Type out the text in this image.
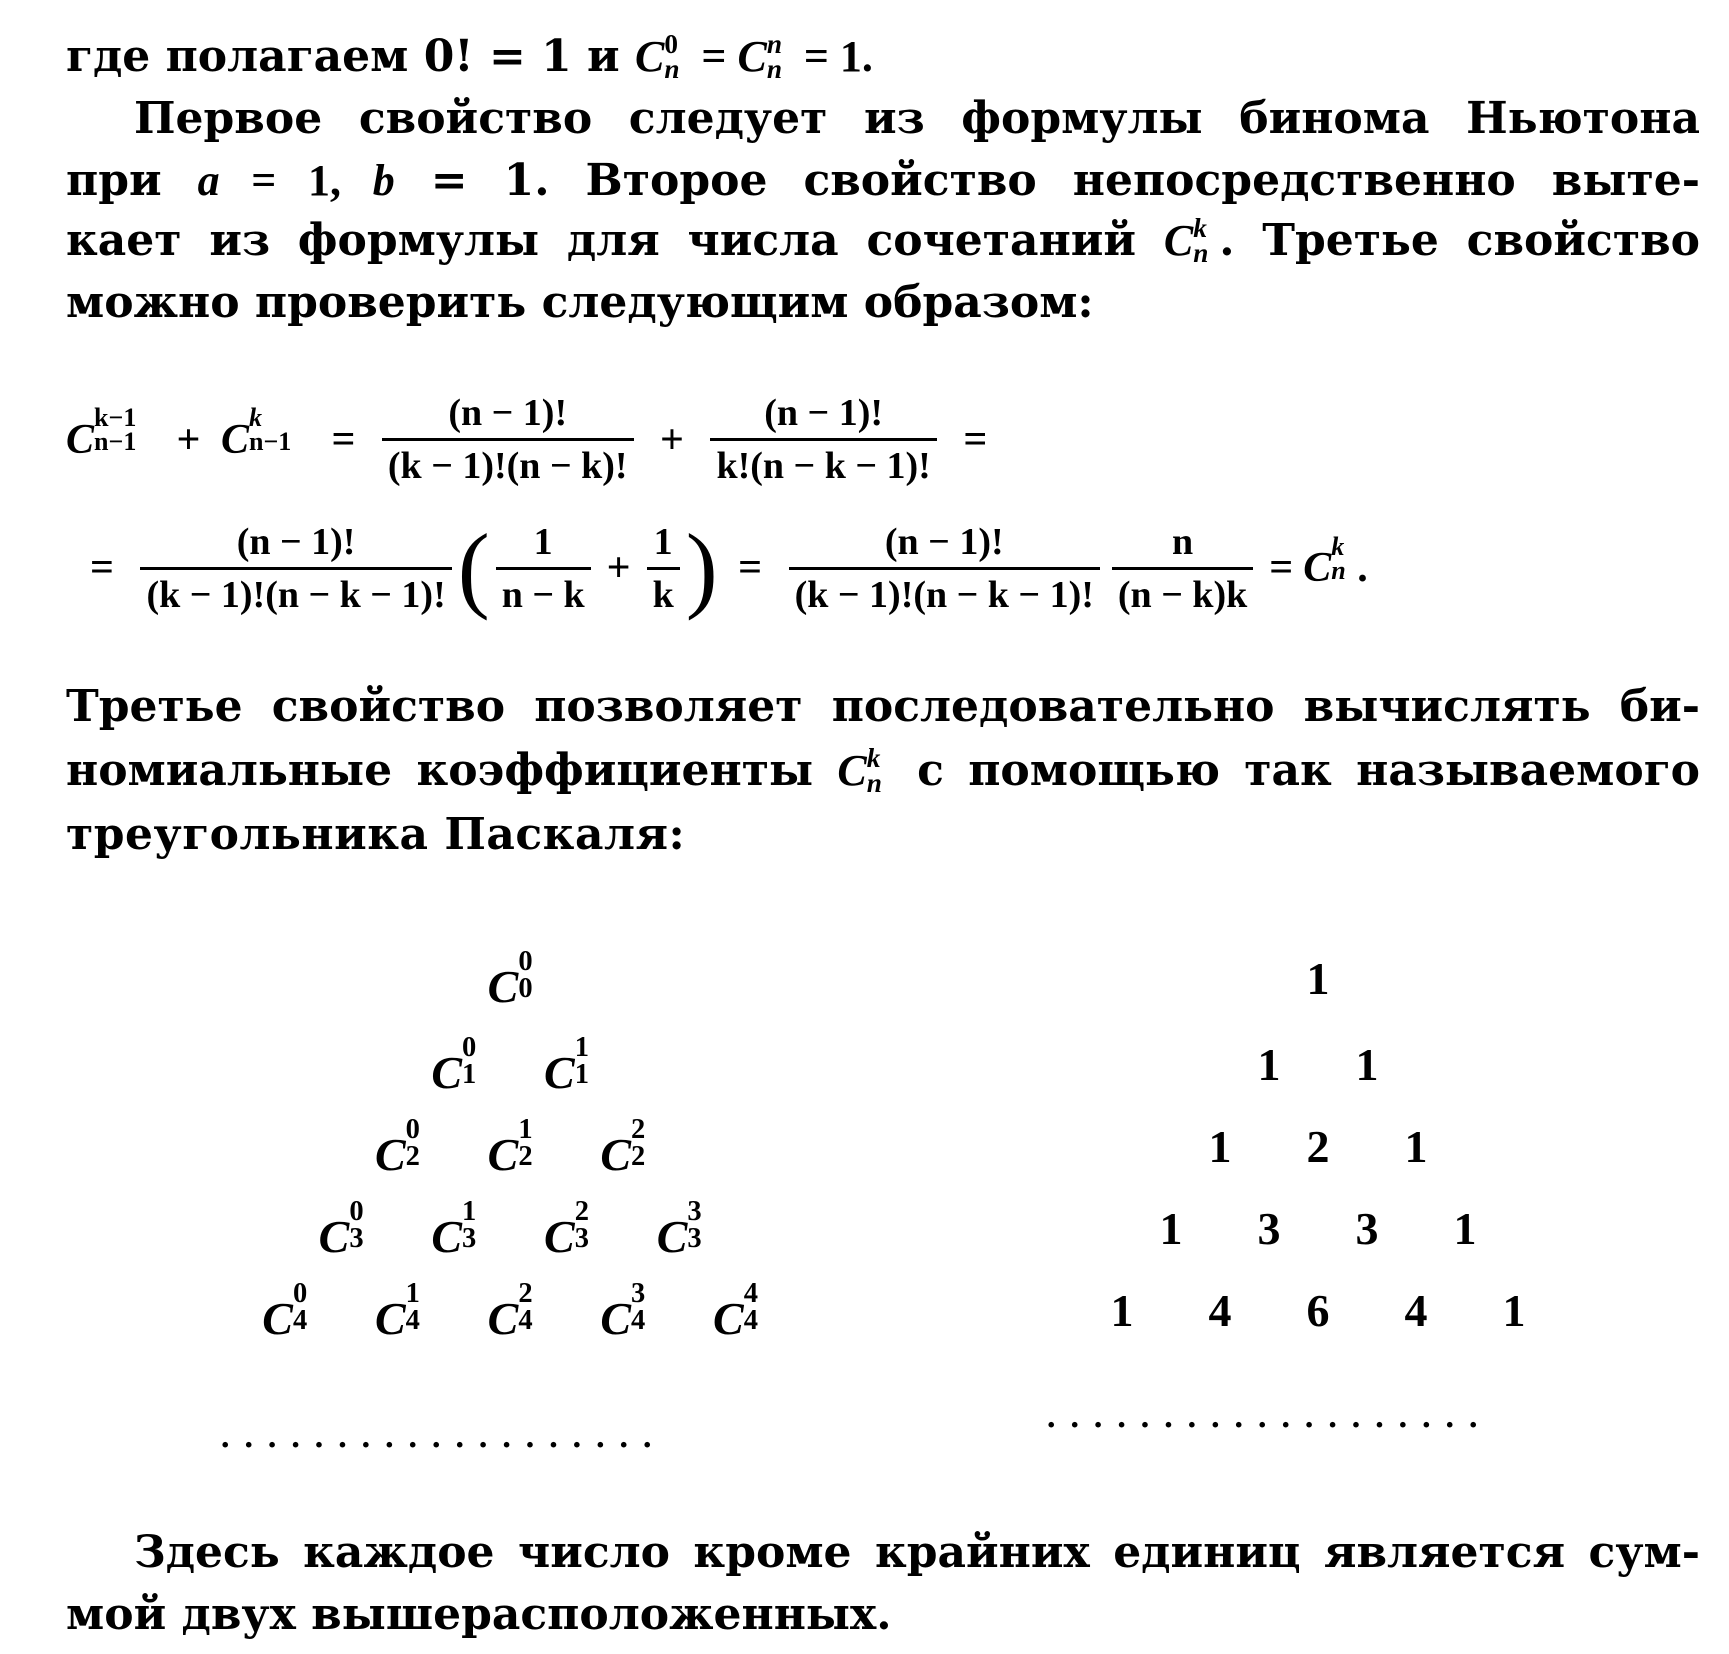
где полагаем 0! = 1 и C 0
n = C n
n = 1.
Первое свойство следует из формулы бинома Ньютона
при a = 1, b = 1. Второе свойство непосредственно выте-
кает из формулы для числа сочетаний C k
n . Третье свойство
можно проверить следующим образом:
C k−1
n−1 + C k
$n-1 = \frac{(n - 1)!}{(k - 1)!(n - k)!} + \frac{(n - 1)!}{k!(n - k - 1)!}$ =
= $\frac{(n - 1)!}{(k - 1)!(n - k - 1)!}$ ( $\frac{1}{n - k} + \frac{1}{k}$ ) = $\frac{(n - 1)!}{(k - 1)!(n - k - 1)!} \frac{n}{(n - k)k} = C$ k
n .
Третье свойство позволяет последовательно вычислять би-
номиальные коэффициенты C k
n с помощью так называемого
треугольника Паскаля:
C 0
0
C 0
1 C 1
1
C 0
2 C 1
2 C 2
2
C 0
3 C 1
3 C 2
3 C 3
3
C 0
4 C 1
4 C 2
4 C 3
4 C 4
4
1
1 1
1 2 1
1 3 3 1
1 4 6 4 1
...................
...................
Здесь каждое число кроме крайних единиц является сум-
мой двух вышерасположенных.
